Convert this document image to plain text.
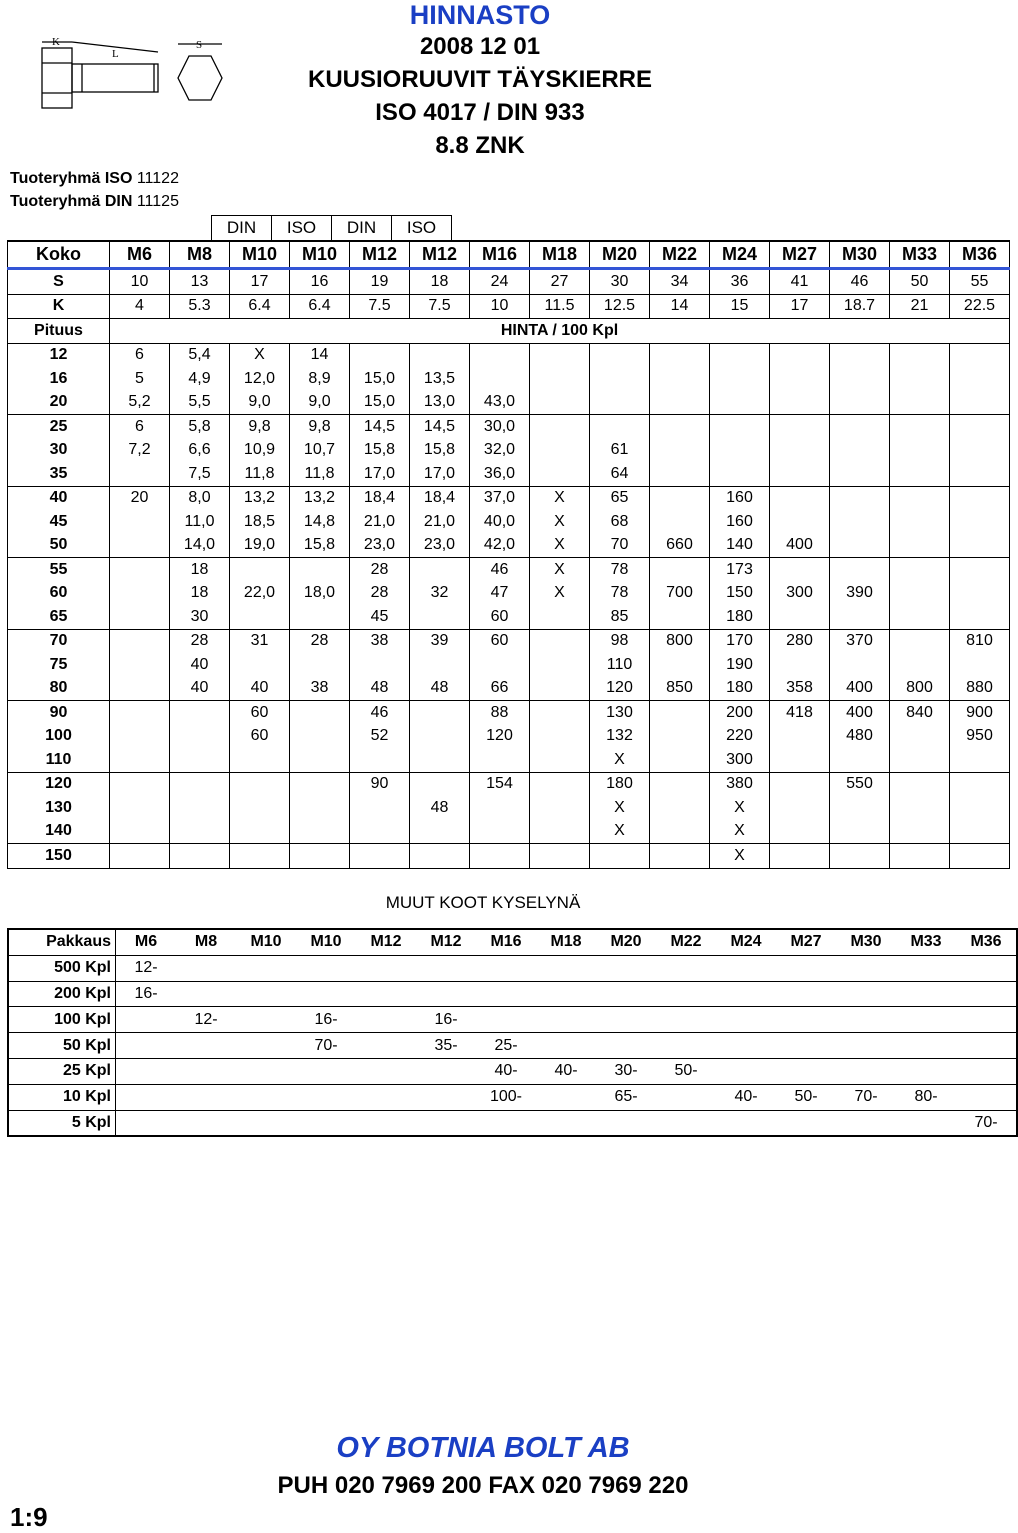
K
L
S
HINNASTO
2008 12 01
KUUSIORUUVIT TÄYSKIERRE
ISO 4017 / DIN 933
8.8 ZNK
Tuoteryhmä ISO 11122
Tuoteryhmä DIN 11125
DIN	ISO	DIN	ISO
Koko	M6	M8	M10	M10	M12	M12	M16	M18	M20	M22	M24	M27	M30	M33	M36
S	10	13	17	16	19	18	24	27	30	34	36	41	46	50	55
K	4	5.3	6.4	6.4	7.5	7.5	10	11.5	12.5	14	15	17	18.7	21	22.5
Pituus	HINTA / 100 Kpl														
12	6	5,4	X	14											
16	5	4,9	12,0	8,9	15,0	13,5									
20	5,2	5,5	9,0	9,0	15,0	13,0	43,0								
25	6	5,8	9,8	9,8	14,5	14,5	30,0								
30	7,2	6,6	10,9	10,7	15,8	15,8	32,0		61						
35		7,5	11,8	11,8	17,0	17,0	36,0		64						
40	20	8,0	13,2	13,2	18,4	18,4	37,0	X	65		160				
45		11,0	18,5	14,8	21,0	21,0	40,0	X	68		160				
50		14,0	19,0	15,8	23,0	23,0	42,0	X	70	660	140	400			
55		18			28		46	X	78		173				
60		18	22,0	18,0	28	32	47	X	78	700	150	300	390		
65		30			45		60		85		180				
70		28	31	28	38	39	60		98	800	170	280	370		810
75		40							110		190				
80		40	40	38	48	48	66		120	850	180	358	400	800	880
90			60		46		88		130		200	418	400	840	900
100			60		52		120		132		220		480		950
110									X		300				
120					90		154		180		380		550		
130						48			X		X				
140									X		X				
150											X				
MUUT KOOT KYSELYNÄ
Pakkaus	M6	M8	M10	M10	M12	M12	M16	M18	M20	M22	M24	M27	M30	M33	M36
500 Kpl	12-														
200 Kpl	16-														
100 Kpl		12-		16-		16-									
50 Kpl				70-		35-	25-								
25 Kpl							40-	40-	30-	50-					
10 Kpl							100-		65-		40-	50-	70-	80-	
5 Kpl															70-
OY BOTNIA BOLT AB
PUH 020 7969 200 FAX 020 7969 220
1:9
